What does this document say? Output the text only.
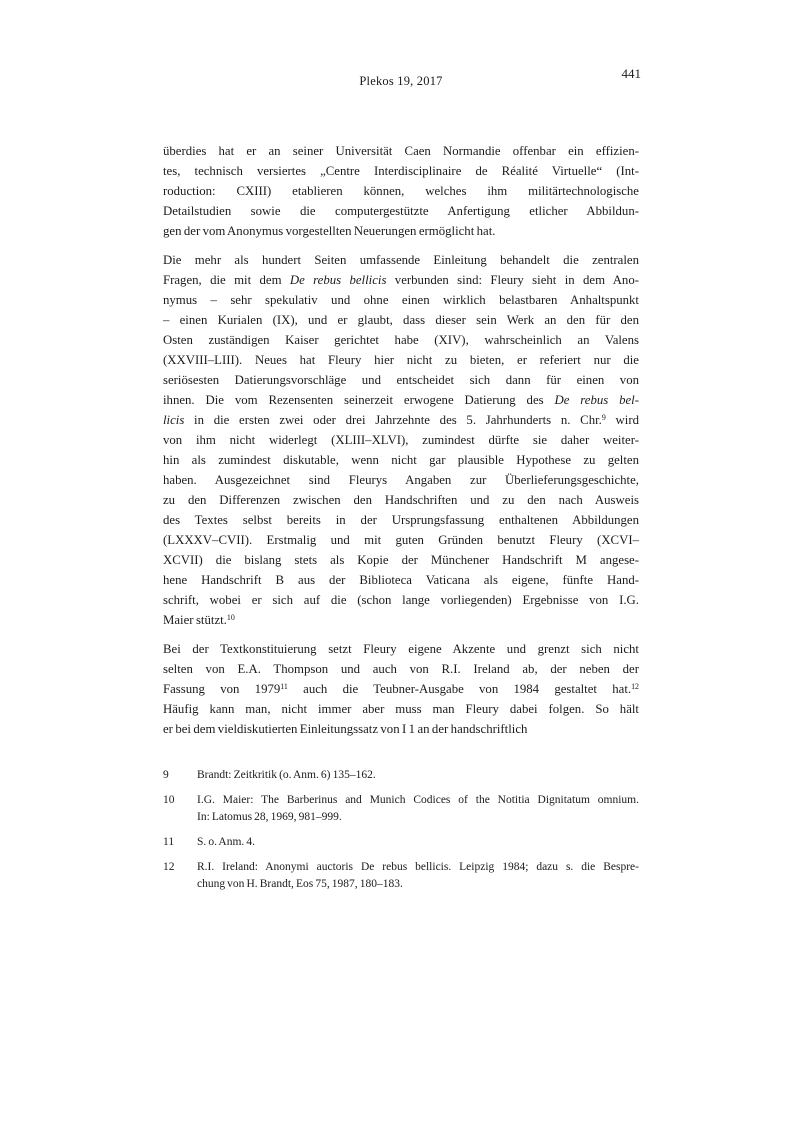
Plekos 19, 2017	441
überdies hat er an seiner Universität Caen Normandie offenbar ein effizien-
tes, technisch versiertes „Centre Interdisciplinaire de Réalité Virtuelle“ (Int-
roduction: CXIII) etablieren können, welches ihm militärtechnologische
Detailstudien sowie die computergestützte Anfertigung etlicher Abbildun-
gen der vom Anonymus vorgestellten Neuerungen ermöglicht hat.
Die mehr als hundert Seiten umfassende Einleitung behandelt die zentralen
Fragen, die mit dem De rebus bellicis verbunden sind: Fleury sieht in dem Ano-
nymus – sehr spekulativ und ohne einen wirklich belastbaren Anhaltspunkt
– einen Kurialen (IX), und er glaubt, dass dieser sein Werk an den für den
Osten zuständigen Kaiser gerichtet habe (XIV), wahrscheinlich an Valens
(XXVIII–LIII). Neues hat Fleury hier nicht zu bieten, er referiert nur die
seriösesten Datierungsvorschläge und entscheidet sich dann für einen von
ihnen. Die vom Rezensenten seinerzeit erwogene Datierung des De rebus bel-
licis in die ersten zwei oder drei Jahrzehnte des 5. Jahrhunderts n. Chr.$^9$ wird
von ihm nicht widerlegt (XLIII–XLVI), zumindest dürfte sie daher weiter-
hin als zumindest diskutable, wenn nicht gar plausible Hypothese zu gelten
haben. Ausgezeichnet sind Fleurys Angaben zur Überlieferungsgeschichte,
zu den Differenzen zwischen den Handschriften und zu den nach Ausweis
des Textes selbst bereits in der Ursprungsfassung enthaltenen Abbildungen
(LXXXV–CVII). Erstmalig und mit guten Gründen benutzt Fleury (XCVI–
XCVII) die bislang stets als Kopie der Münchener Handschrift M angese-
hene Handschrift B aus der Biblioteca Vaticana als eigene, fünfte Hand-
schrift, wobei er sich auf die (schon lange vorliegenden) Ergebnisse von I.G.
Maier stützt.$^{10}$
Bei der Textkonstituierung setzt Fleury eigene Akzente und grenzt sich nicht
selten von E.A. Thompson und auch von R.I. Ireland ab, der neben der
Fassung von 1979$^{11}$ auch die Teubner-Ausgabe von 1984 gestaltet hat.$^{12}$
Häufig kann man, nicht immer aber muss man Fleury dabei folgen. So hält
er bei dem vieldiskutierten Einleitungssatz von I 1 an der handschriftlich
9	Brandt: Zeitkritik (o. Anm. 6) 135–162.
10	I.G. Maier: The Barberinus and Munich Codices of the Notitia Dignitatum omnium.
In: Latomus 28, 1969, 981–999.
11	S. o. Anm. 4.
12	R.I. Ireland: Anonymi auctoris De rebus bellicis. Leipzig 1984; dazu s. die Bespre-
chung von H. Brandt, Eos 75, 1987, 180–183.
